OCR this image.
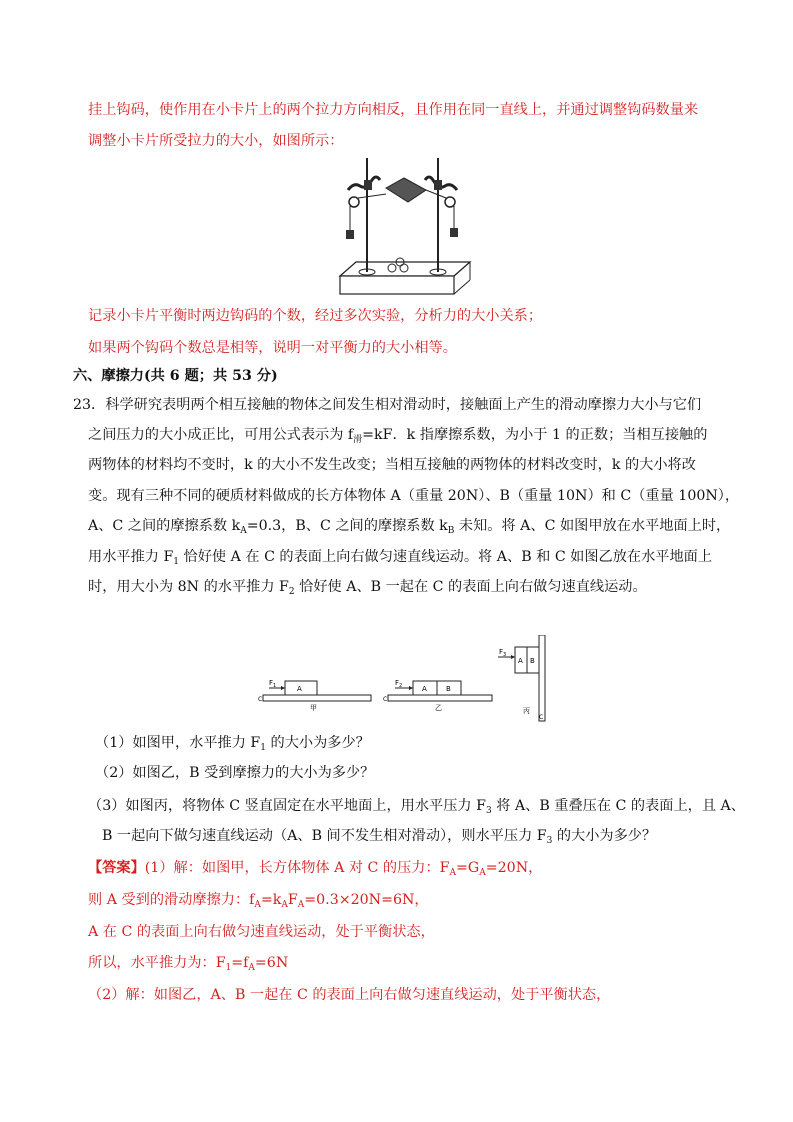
挂上钩码，使作用在小卡片上的两个拉力方向相反，且作用在同一直线上，并通过调整钩码数量来
调整小卡片所受拉力的大小，如图所示：
记录小卡片平衡时两边钩码的个数，经过多次实验，分析力的大小关系；
如果两个钩码个数总是相等，说明一对平衡力的大小相等。
六、摩擦力(共 6 题；共 53 分)
23．科学研究表明两个相互接触的物体之间发生相对滑动时，接触面上产生的滑动摩擦力大小与它们
之间压力的大小成正比，可用公式表示为 $f_滑=kF$．k 指摩擦系数，为小于 1 的正数；当相互接触的
两物体的材料均不变时，k 的大小不发生改变；当相互接触的两物体的材料改变时，k 的大小将改
变。现有三种不同的硬质材料做成的长方体物体 A（重量 20N）、B（重量 10N）和 C（重量 100N），
A、C 之间的摩擦系数 $k_A=0.3$，B、C 之间的摩擦系数 $k_B$ 未知。将 A、C 如图甲放在水平地面上时，
用水平推力 $F_1$ 恰好使 A 在 C 的表面上向右做匀速直线运动。将 A、B 和 C 如图乙放在水平地面上
时，用大小为 8N 的水平推力 $F_2$ 恰好使 A、B 一起在 C 的表面上向右做匀速直线运动。
$F_1$	A
C
甲
$F_2$	A	B
C
乙
$F_3$
A B
C
丙
（1）如图甲，水平推力 $F_1$ 的大小为多少？
（2）如图乙，B 受到摩擦力的大小为多少？
（3）如图丙，将物体 C 竖直固定在水平地面上，用水平压力 $F_3$ 将 A、B 重叠压在 C 的表面上，且 A、
B 一起向下做匀速直线运动（A、B 间不发生相对滑动），则水平压力 $F_3$ 的大小为多少？
【答案】(1）解：如图甲，长方体物体 A 对 C 的压力：$F_A=G_A=20N$，
则 A 受到的滑动摩擦力：$f_A=k_AF_A=0.3\times 20N=6N$，
A 在 C 的表面上向右做匀速直线运动，处于平衡状态，
所以，水平推力为：$F_1=f_A=6N$
（2）解：如图乙，A、B 一起在 C 的表面上向右做匀速直线运动，处于平衡状态，
